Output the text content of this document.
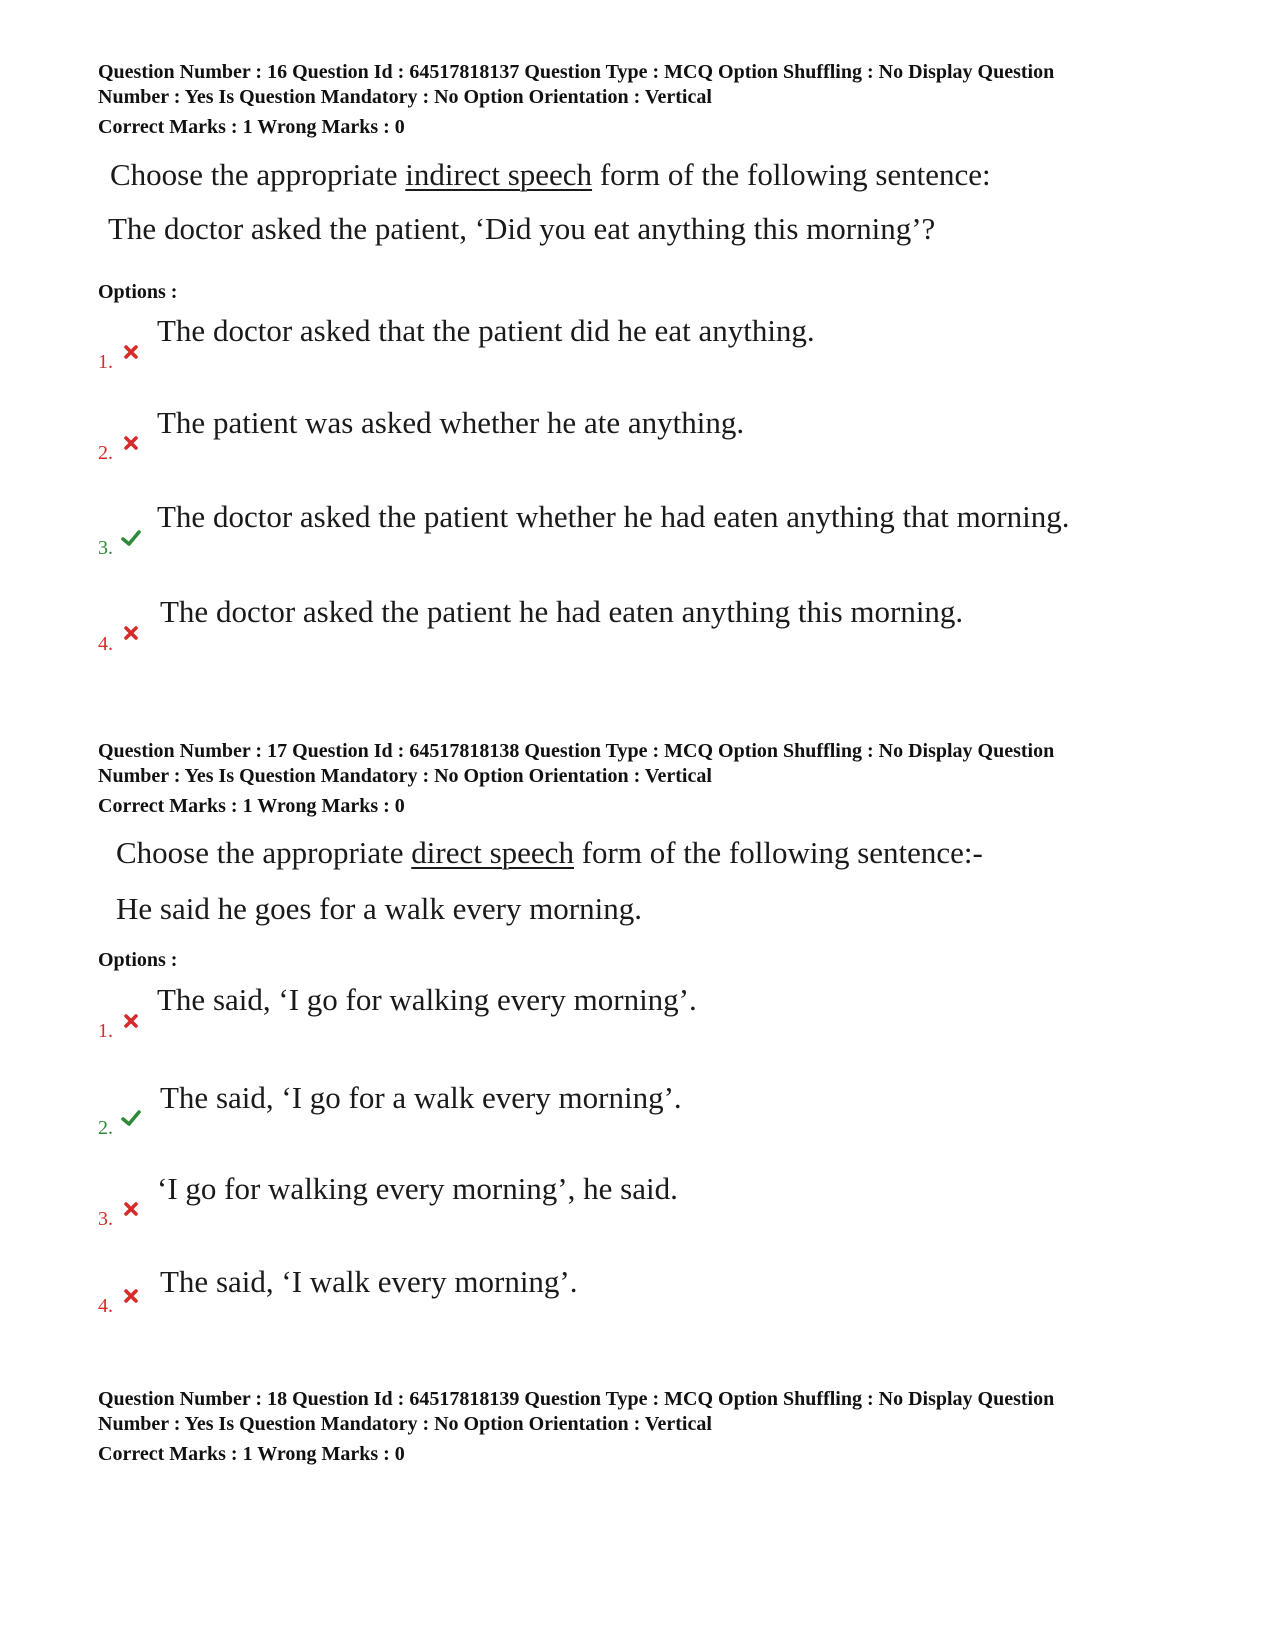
Question Number : 16 Question Id : 64517818137 Question Type : MCQ Option Shuffling : No Display Question
Number : Yes Is Question Mandatory : No Option Orientation : Vertical
Correct Marks : 1 Wrong Marks : 0
Choose the appropriate indirect speech form of the following sentence:
The doctor asked the patient, ‘Did you eat anything this morning’?
Options :
The doctor asked that the patient did he eat anything.
1.
The patient was asked whether he ate anything.
2.
The doctor asked the patient whether he had eaten anything that morning.
3.
The doctor asked the patient he had eaten anything this morning.
4.
Question Number : 17 Question Id : 64517818138 Question Type : MCQ Option Shuffling : No Display Question
Number : Yes Is Question Mandatory : No Option Orientation : Vertical
Correct Marks : 1 Wrong Marks : 0
Choose the appropriate direct speech form of the following sentence:-
He said he goes for a walk every morning.
Options :
The said, ‘I go for walking every morning’.
1.
The said, ‘I go for a walk every morning’.
2.
‘I go for walking every morning’, he said.
3.
The said, ‘I walk every morning’.
4.
Question Number : 18 Question Id : 64517818139 Question Type : MCQ Option Shuffling : No Display Question
Number : Yes Is Question Mandatory : No Option Orientation : Vertical
Correct Marks : 1 Wrong Marks : 0
